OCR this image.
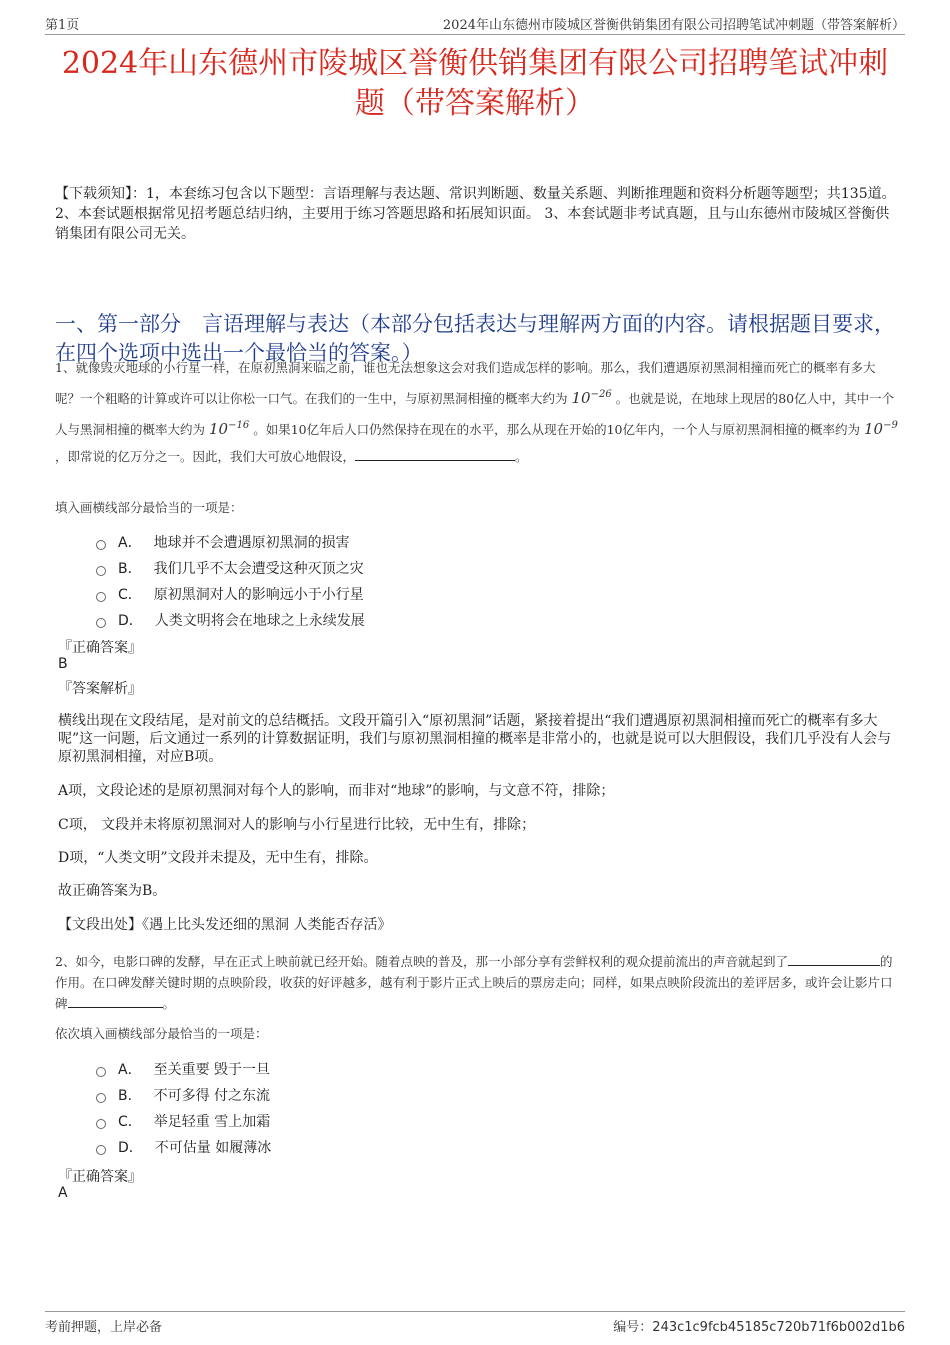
第1页	2024年山东德州市陵城区誉衡供销集团有限公司招聘笔试冲刺题（带答案解析）
2024年山东德州市陵城区誉衡供销集团有限公司招聘笔试冲刺题（带答案解析）
【下载须知】：1，本套练习包含以下题型：言语理解与表达题、常识判断题、数量关系题、判断推理题和资料分析题等题型；共135道。 2、本套试题根据常见招考题总结归纳，主要用于练习答题思路和拓展知识面。 3、本套试题非考试真题，且与山东德州市陵城区誉衡供销集团有限公司无关。
一、第一部分　言语理解与表达（本部分包括表达与理解两方面的内容。请根据题目要求，在四个选项中选出一个最恰当的答案。）
1、就像毁灭地球的小行星一样，在原初黑洞来临之前，谁也无法想象这会对我们造成怎样的影响。那么，我们遭遇原初黑洞相撞而死亡的概率有多大呢？一个粗略的计算或许可以让你松一口气。在我们的一生中，与原初黑洞相撞的概率大约为 $10^{-26}$ 。也就是说，在地球上现居的80亿人中，其中一个人与黑洞相撞的概率大约为 $10^{-16}$ 。如果10亿年后人口仍然保持在现在的水平，那么从现在开始的10亿年内，一个人与原初黑洞相撞的概率约为 $10^{-9}$ ，即常说的亿万分之一。因此，我们大可放心地假设，	。
填入画横线部分最恰当的一项是：
A． 地球并不会遭遇原初黑洞的损害
B． 我们几乎不太会遭受这种灭顶之灾
C． 原初黑洞对人的影响远小于小行星
D． 人类文明将会在地球之上永续发展
『正确答案』
B
『答案解析』
横线出现在文段结尾，是对前文的总结概括。文段开篇引入“原初黑洞”话题，紧接着提出“我们遭遇原初黑洞相撞而死亡的概率有多大呢”这一问题，后文通过一系列的计算数据证明，我们与原初黑洞相撞的概率是非常小的，也就是说可以大胆假设，我们几乎没有人会与原初黑洞相撞，对应B项。
A项，文段论述的是原初黑洞对每个人的影响，而非对“地球”的影响，与文意不符，排除；
C项， 文段并未将原初黑洞对人的影响与小行星进行比较，无中生有，排除；
D项，“人类文明”文段并未提及，无中生有，排除。
故正确答案为B。
【文段出处】《遇上比头发还细的黑洞 人类能否存活》
2、如今，电影口碑的发酵，早在正式上映前就已经开始。随着点映的普及，那一小部分享有尝鲜权利的观众提前流出的声音就起到了	的作用。在口碑发酵关键时期的点映阶段，收获的好评越多，越有利于影片正式上映后的票房走向；同样，如果点映阶段流出的差评居多，或许会让影片口碑	。
依次填入画横线部分最恰当的一项是：
A． 至关重要 毁于一旦
B． 不可多得 付之东流
C． 举足轻重 雪上加霜
D． 不可估量 如履薄冰
『正确答案』
A
考前押题，上岸必备	编号：243c1c9fcb45185c720b71f6b002d1b6
